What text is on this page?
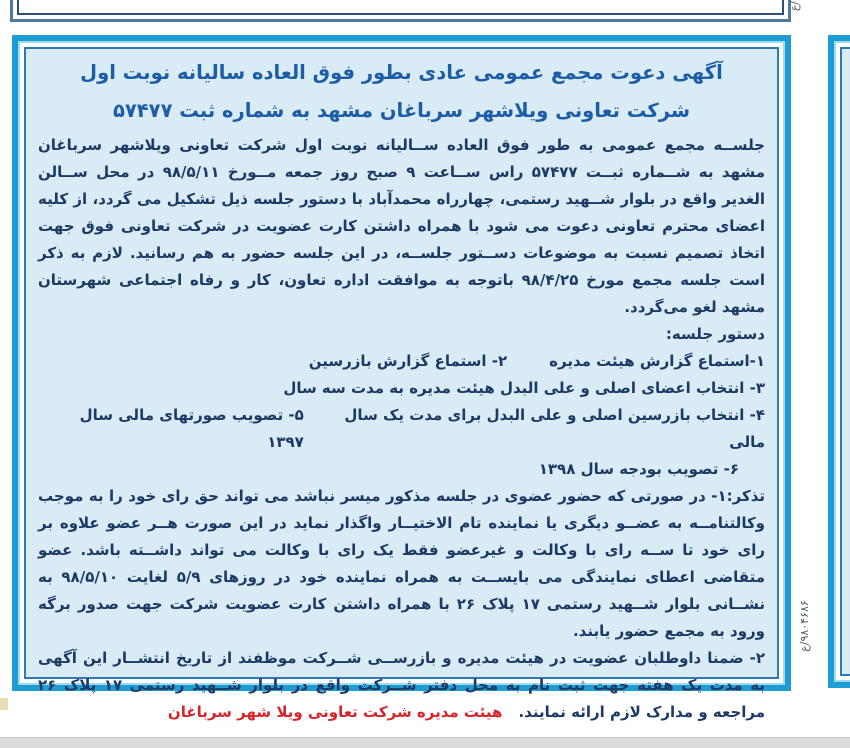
/ع
آگهی دعوت مجمع عمومی عادی بطور فوق العاده سالیانه نوبت اول
شرکت تعاونی ویلاشهر سرباغان مشهد به شماره ثبت ۵۷۴۷۷

جلســه مجمع عمومی به طور فوق العاده ســالیانه نوبت اول شرکت تعاونی ویلاشهر سرباغان مشهد به شــماره ثبــت ۵۷۴۷۷ راس ســاعت ۹ صبح روز جمعه مــورخ ۹۸/۵/۱۱ در محل ســالن الغدیر واقع در بلوار شــهید رستمی، چهارراه محمدآباد با دستور جلسه ذیل تشکیل می گردد، از کلیه اعضای محترم تعاونی دعوت می شود با همراه داشتن کارت عضویت در شرکت تعاونی فوق جهت اتخاذ تصمیم نسبت به موضوعات دســتور جلســه، در این جلسه حضور به هم رسانید. لازم به ذکر است جلسه مجمع مورخ ۹۸/۴/۲۵ باتوجه به موافقت اداره تعاون، کار و رفاه اجتماعی شهرستان مشهد لغو می‌گردد.

دستور جلسه:
۱-استماع گزارش هیئت مدیره
۲- استماع گزارش بازرسین
۳- انتخاب اعضای اصلی و علی البدل هیئت مدیره به مدت سه سال
۴- انتخاب بازرسین اصلی و علی البدل برای مدت یک سال مالی
۵- تصویب صورتهای مالی سال ۱۳۹۷
۶- تصویب بودجه سال ۱۳۹۸

تذکر:۱- در صورتی که حضور عضوی در جلسه مذکور میسر نباشد می تواند حق رای خود را به موجب وکالتنامــه به عضــو دیگری یا نماینده تام الاختیــار واگذار نماید در این صورت هــر عضو علاوه بر رای خود تا ســه رای با وکالت و غیرعضو فقط یک رای با وکالت می تواند داشــته باشد. عضو متقاضی اعطای نمایندگی می بایســت به همراه نماینده خود در روزهای ۵/۹ لغایت ۹۸/۵/۱۰ به نشــانی بلوار شــهید رستمی ۱۷ پلاک ۲۶ با همراه داشتن کارت عضویت شرکت جهت صدور برگه ورود به مجمع حضور یابند.

۲- ضمنا داوطلبان عضویت در هیئت مدیره و بازرســی شــرکت موظفند از تاریخ انتشــار این آگهی به مدت یک هفته جهت ثبت نام به محل دفتر شــرکت واقع در بلوار شــهید رستمی ۱۷ پلاک ۲۶ مراجعه و مدارک لازم ارائه نمایند.هیئت مدیره شرکت تعاونی ویلا شهر سرباغان

۹۸۰۴۶۸۶/ع
